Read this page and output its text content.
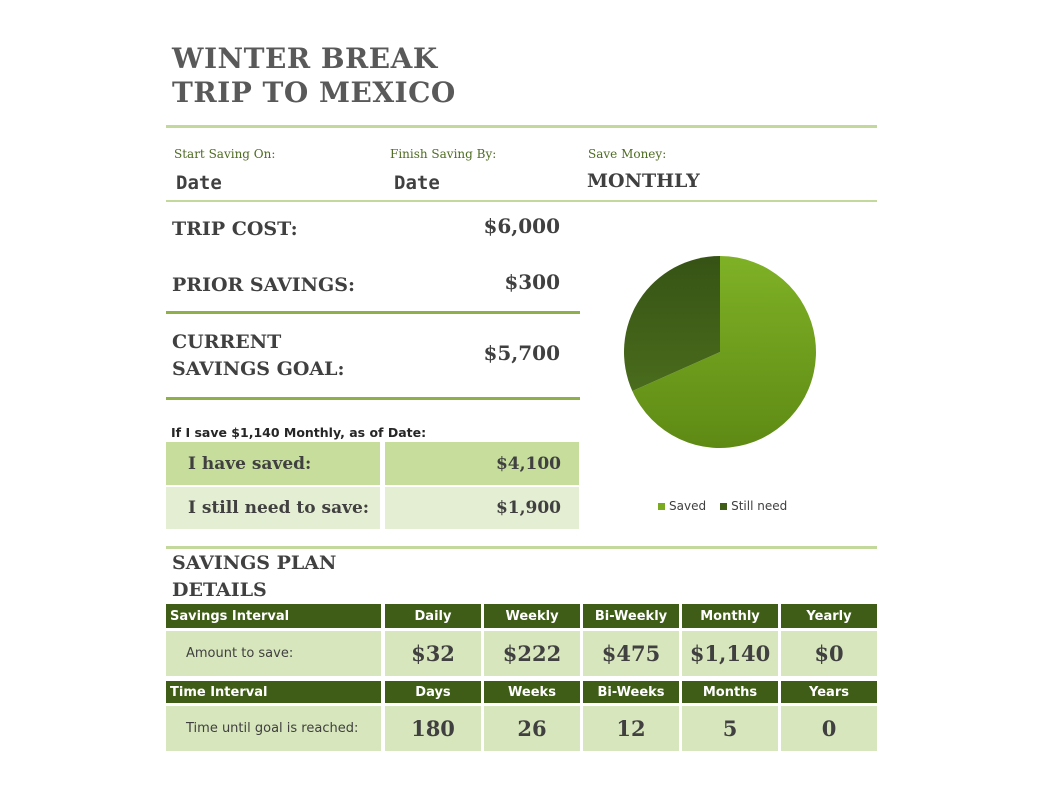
WINTER BREAK
TRIP TO MEXICO
Start Saving On:
Date
Finish Saving By:
Date
Save Money:
MONTHLY
TRIP COST:	$6,000
PRIOR SAVINGS:	$300
CURRENT
SAVINGS GOAL:
$5,700
If I save $1,140 Monthly, as of Date:
I have saved:	$4,100
I still need to save:	$1,900	Saved Still need
SAVINGS PLAN
DETAILS
Savings Interval	Daily	Weekly	Bi-Weekly	Monthly	Yearly
Amount to save:	$32	$222	$475	$1,140	$0
Time Interval	Days	Weeks	Bi-Weeks	Months	Years
Time until goal is reached:	180	26	12	5	0
